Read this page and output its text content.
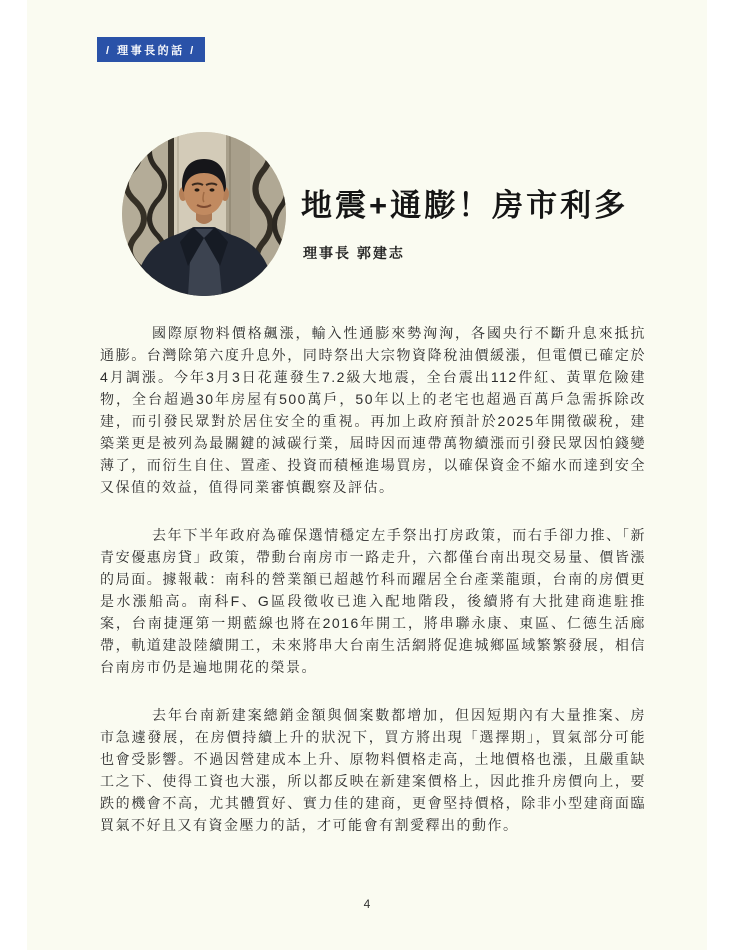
/ 理事長的話 /
地震+通膨！房市利多
理事長 郭建志

國際原物料價格飆漲，輸入性通膨來勢洶洶，各國央行不斷升息來抵抗通膨。台灣除第六度升息外，同時祭出大宗物資降稅油價緩漲，但電價已確定於4月調漲。今年3月3日花蓮發生7.2級大地震，全台震出112件紅、黃單危險建物，全台超過30年房屋有500萬戶，50年以上的老宅也超過百萬戶急需拆除改建，而引發民眾對於居住安全的重視。再加上政府預計於2025年開徵碳稅，建築業更是被列為最關鍵的減碳行業，屆時因而連帶萬物續漲而引發民眾因怕錢變薄了，而衍生自住、置產、投資而積極進場買房，以確保資金不縮水而達到安全又保值的效益，值得同業審慎觀察及評估。

去年下半年政府為確保選情穩定左手祭出打房政策，而右手卻力推、「新青安優惠房貸」政策，帶動台南房市一路走升，六都僅台南出現交易量、價皆漲的局面。據報載：南科的營業額已超越竹科而躍居全台產業龍頭，台南的房價更是水漲船高。南科F、G區段徵收已進入配地階段，後續將有大批建商進駐推案，台南捷運第一期藍線也將在2016年開工，將串聯永康、東區、仁德生活廊帶，軌道建設陸續開工，未來將串大台南生活網將促進城鄉區域繁繁發展，相信台南房市仍是遍地開花的榮景。

去年台南新建案總銷金額與個案數都增加，但因短期內有大量推案、房市急遽發展，在房價持續上升的狀況下，買方將出現「選擇期」，買氣部分可能也會受影響。不過因營建成本上升、原物料價格走高，土地價格也漲，且嚴重缺工之下、使得工資也大漲，所以都反映在新建案價格上，因此推升房價向上，要跌的機會不高，尤其體質好、實力佳的建商，更會堅持價格，除非小型建商面臨買氣不好且又有資金壓力的話，才可能會有割愛釋出的動作。

4
